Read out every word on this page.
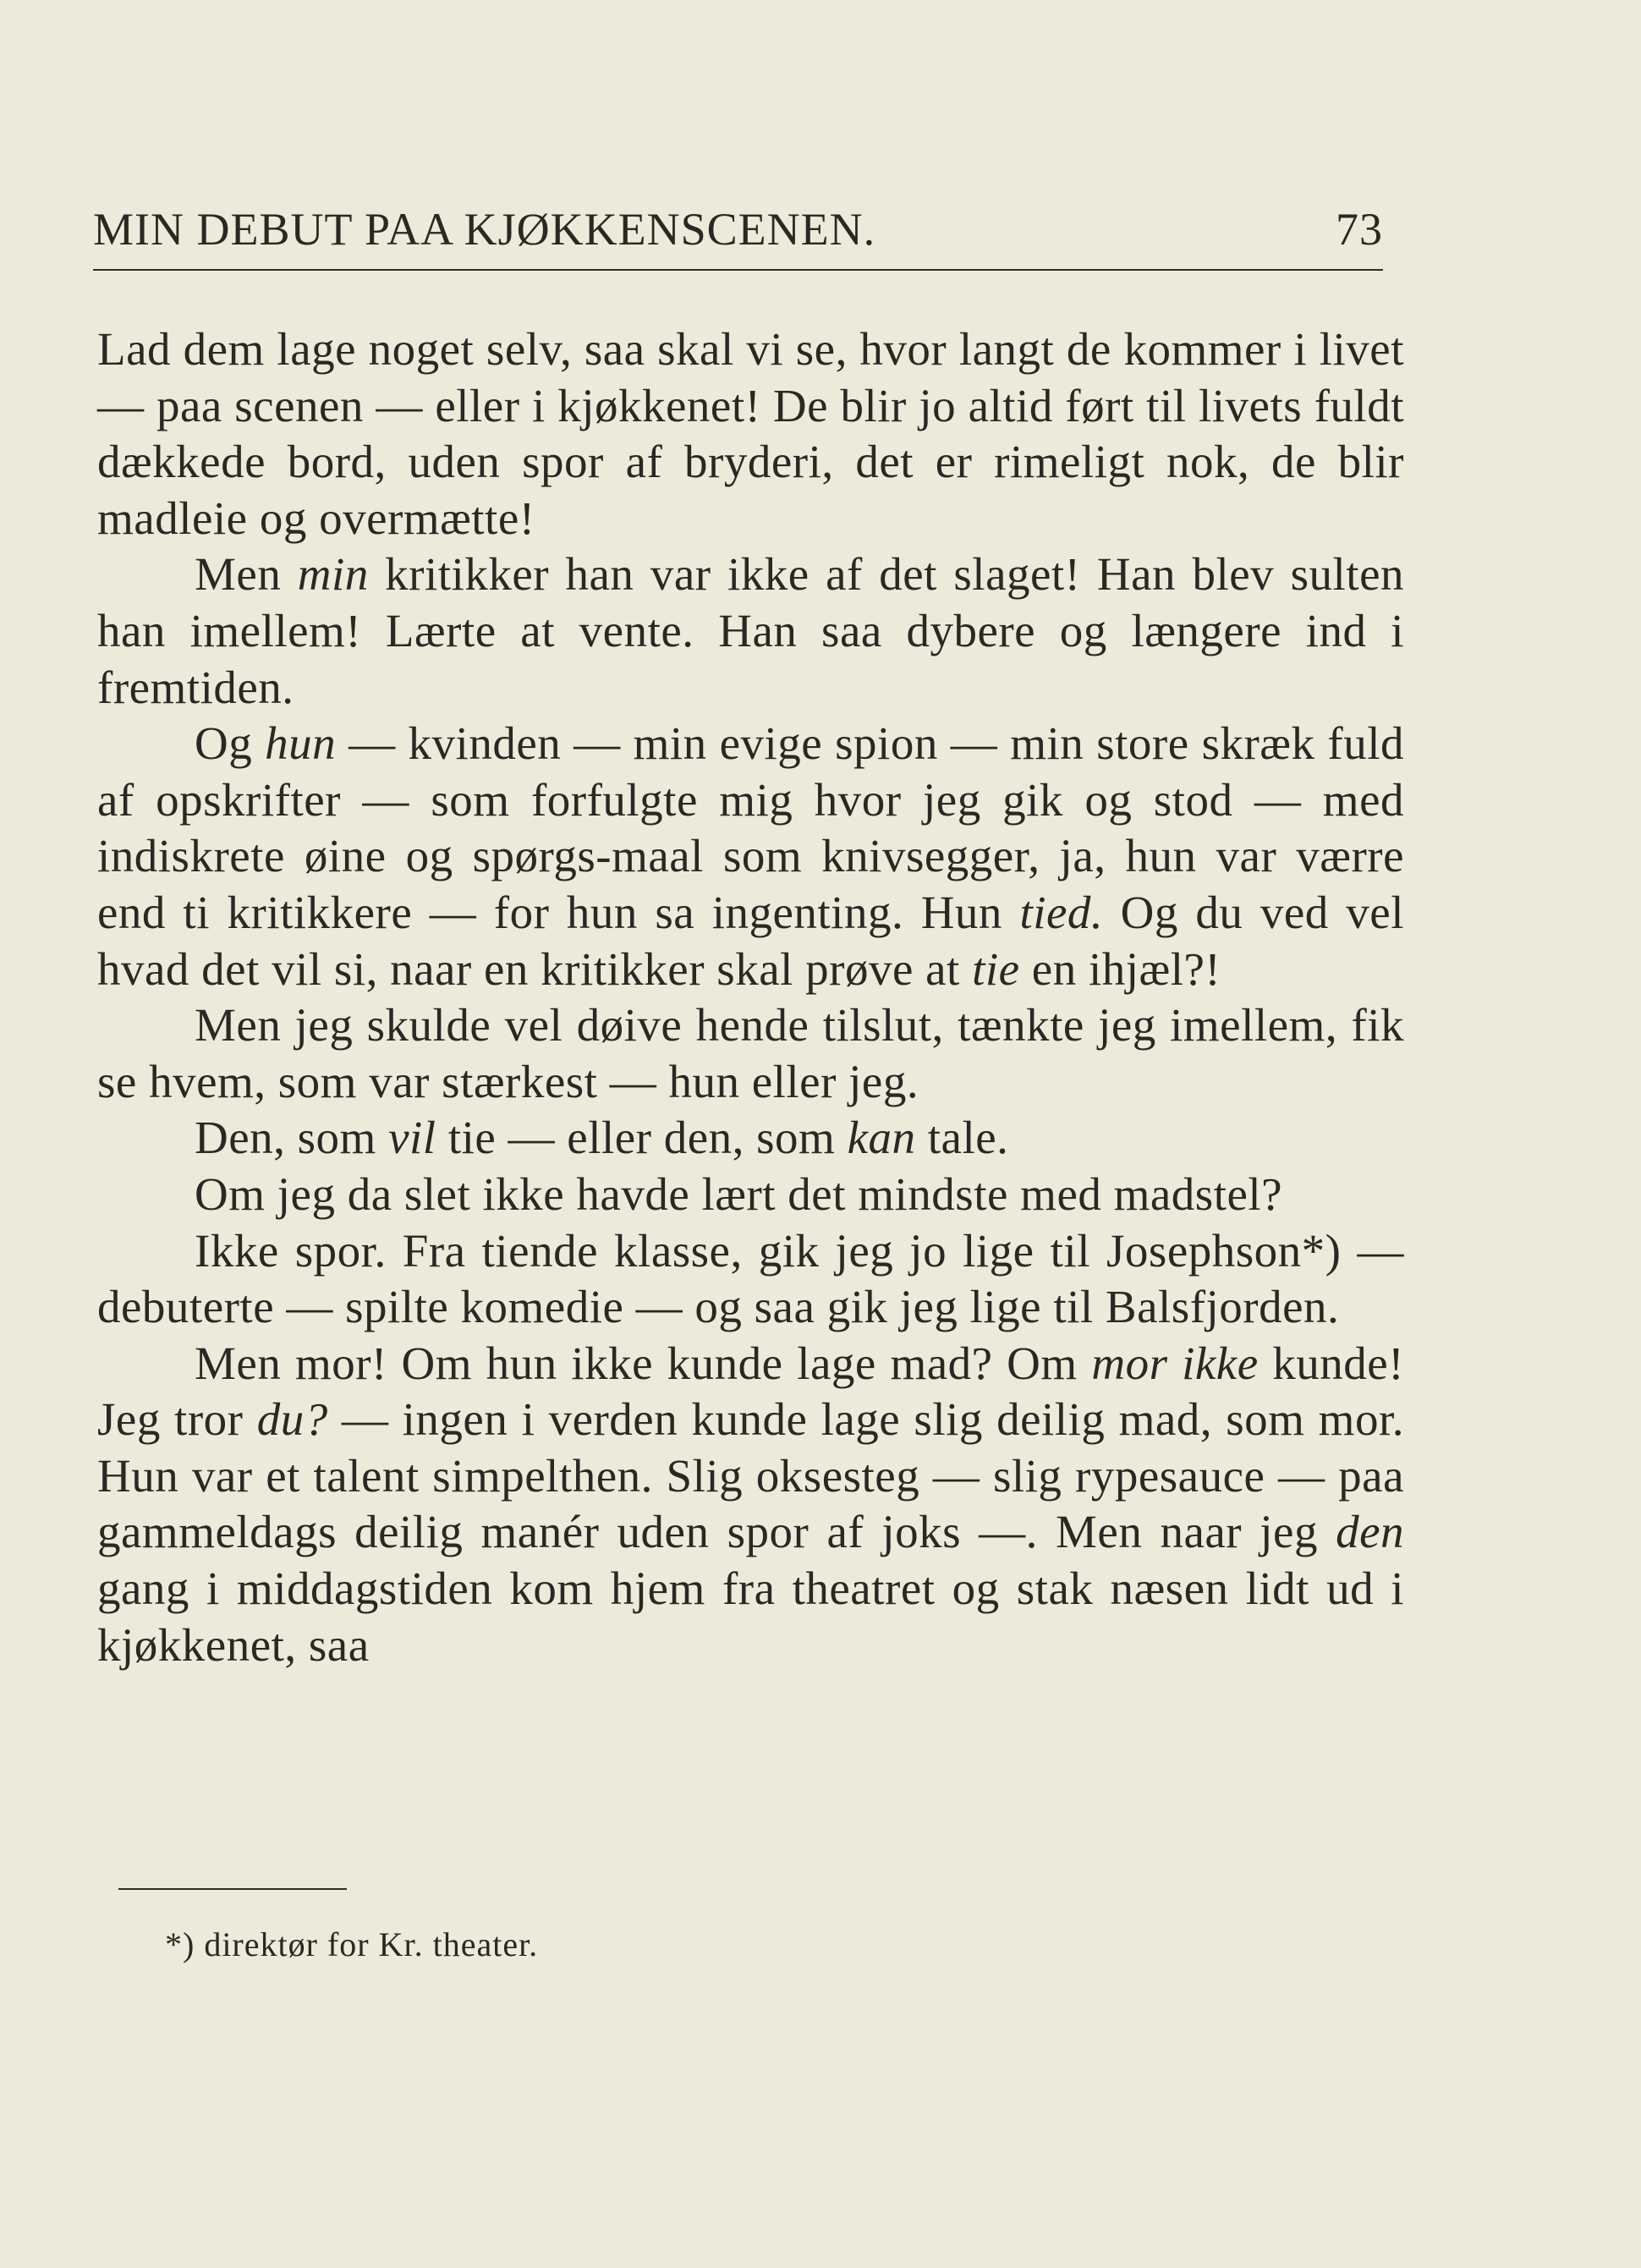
MIN DEBUT PAA KJØKKENSCENEN.	73

Lad dem lage noget selv, saa skal vi se, hvor langt de kommer i livet — paa scenen — eller i kjøkkenet! De blir jo altid ført til livets fuldt dækkede bord, uden spor af bryderi, det er rimeligt nok, de blir madleie og overmætte!

Men min kritikker han var ikke af det slaget! Han blev sulten han imellem! Lærte at vente. Han saa dybere og længere ind i fremtiden.

Og hun — kvinden — min evige spion — min store skræk fuld af opskrifter — som forfulgte mig hvor jeg gik og stod — med indiskrete øine og spørgs-maal som knivsegger, ja, hun var værre end ti kritikkere — for hun sa ingenting. Hun tied. Og du ved vel hvad det vil si, naar en kritikker skal prøve at tie en ihjæl?!

Men jeg skulde vel døive hende tilslut, tænkte jeg imellem, fik se hvem, som var stærkest — hun eller jeg.

Den, som vil tie — eller den, som kan tale.

Om jeg da slet ikke havde lært det mindste med madstel?

Ikke spor. Fra tiende klasse, gik jeg jo lige til Josephson*) — debuterte — spilte komedie — og saa gik jeg lige til Balsfjorden.

Men mor! Om hun ikke kunde lage mad? Om mor ikke kunde! Jeg tror du? — ingen i verden kunde lage slig deilig mad, som mor. Hun var et talent simpelthen. Slig oksesteg — slig rypesauce — paa gammeldags deilig manér uden spor af joks —. Men naar jeg den gang i middagstiden kom hjem fra theatret og stak næsen lidt ud i kjøkkenet, saa

*) direktør for Kr. theater.
